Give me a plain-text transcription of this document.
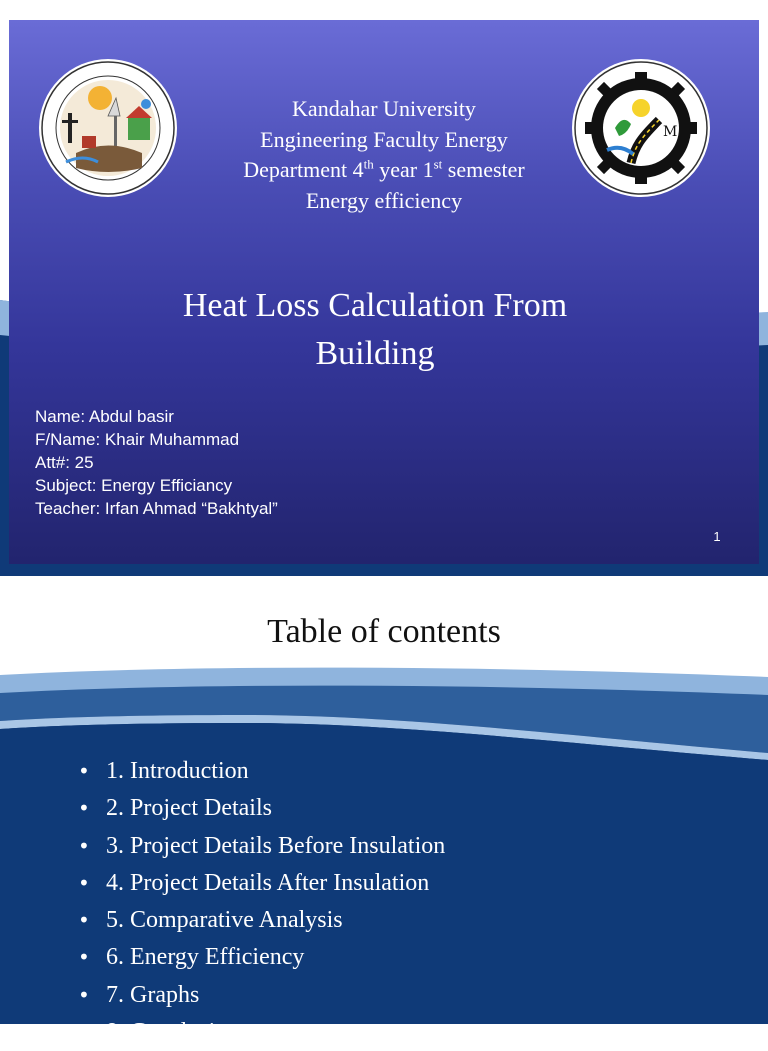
M
Kandahar University
Engineering Faculty Energy
Department 4th year 1st semester
Energy efficiency
Heat Loss Calculation From
Building
Name: Abdul basir
F/Name: Khair Muhammad
Att#: 25
Subject: Energy Efficiancy
Teacher: Irfan Ahmad “Bakhtyal”
1
Table of contents
• 1. Introduction
• 2. Project Details
• 3. Project Details Before Insulation
• 4. Project Details After Insulation
• 5. Comparative Analysis
• 6. Energy Efficiency
• 7. Graphs
• 8. Conclusion
